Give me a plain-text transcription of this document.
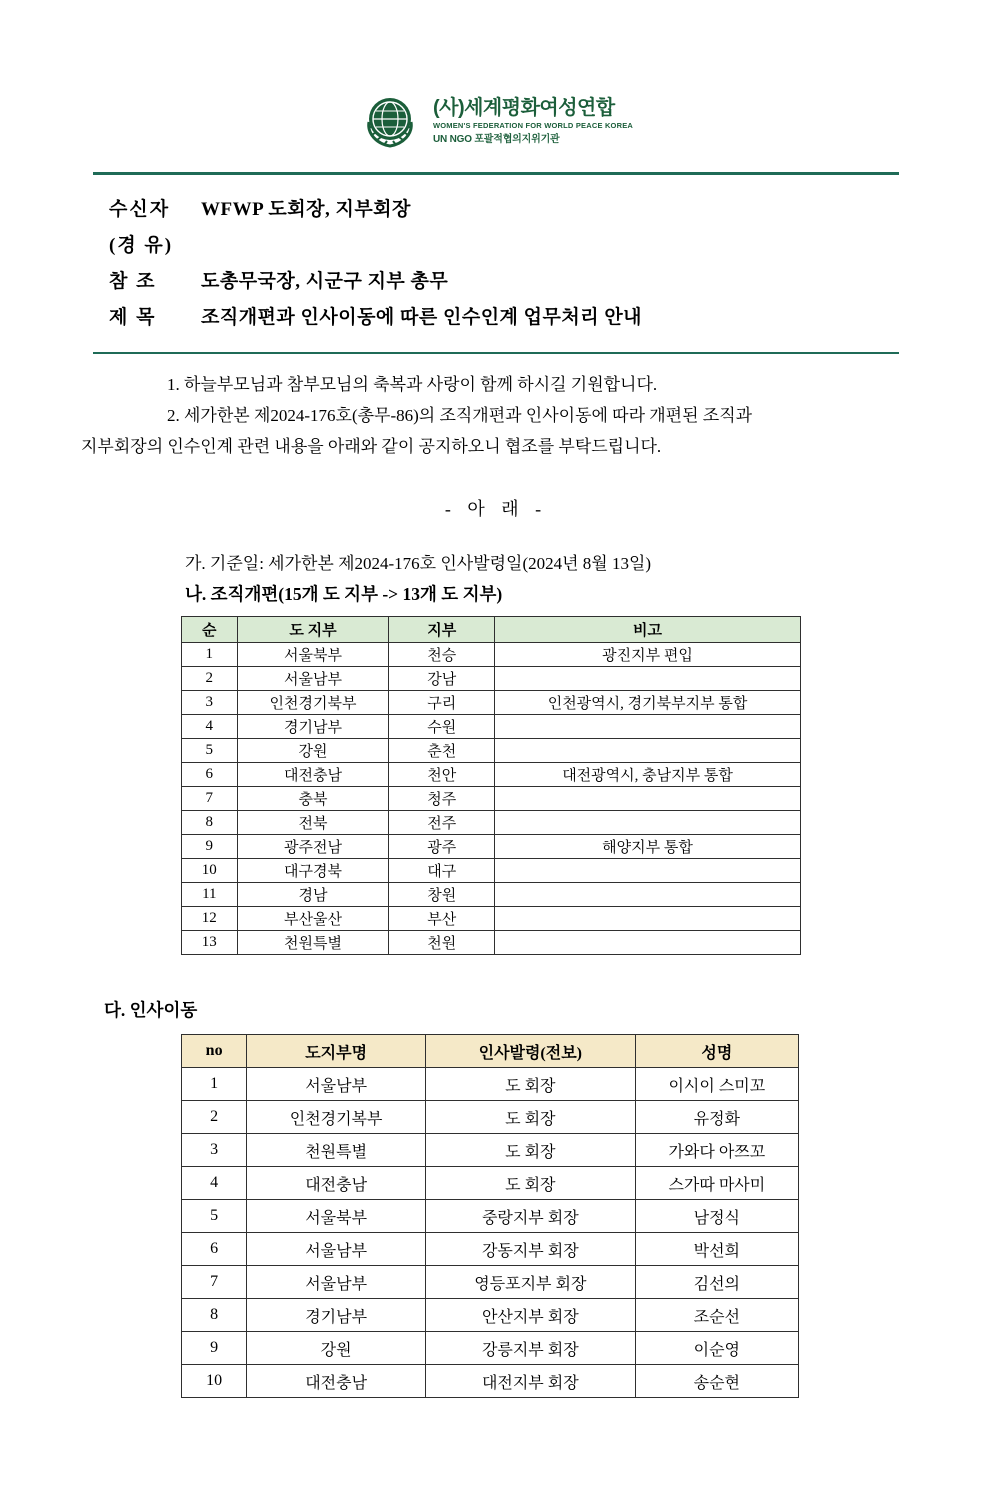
(사)세계평화여성연합
WOMEN'S FEDERATION FOR WORLD PEACE KOREA
UN NGO 포괄적협의지위기관
수신자	WFWP 도회장, 지부회장
(경 유)
참 조	도총무국장, 시군구 지부 총무
제 목	조직개편과 인사이동에 따른 인수인계 업무처리 안내
1. 하늘부모님과 참부모님의 축복과 사랑이 함께 하시길 기원합니다.
2. 세가한본 제2024-176호(총무-86)의 조직개편과 인사이동에 따라 개편된 조직과
지부회장의 인수인계 관련 내용을 아래와 같이 공지하오니 협조를 부탁드립니다.
- 아 래 -
가. 기준일: 세가한본 제2024-176호 인사발령일(2024년 8월 13일)
나. 조직개편(15개 도 지부 -> 13개 도 지부)
순	도 지부	지부	비고
1	서울북부	천승	광진지부 편입
2	서울남부	강남	
3	인천경기북부	구리	인천광역시, 경기북부지부 통합
4	경기남부	수원	
5	강원	춘천	
6	대전충남	천안	대전광역시, 충남지부 통합
7	충북	청주	
8	전북	전주	
9	광주전남	광주	해양지부 통합
10	대구경북	대구	
11	경남	창원	
12	부산울산	부산	
13	천원특별	천원	
다. 인사이동
no	도지부명	인사발령(전보)	성명
1	서울남부	도 회장	이시이 스미꼬
2	인천경기복부	도 회장	유정화
3	천원특별	도 회장	가와다 아쯔꼬
4	대전충남	도 회장	스가따 마사미
5	서울북부	중랑지부 회장	남정식
6	서울남부	강동지부 회장	박선희
7	서울남부	영등포지부 회장	김선의
8	경기남부	안산지부 회장	조순선
9	강원	강릉지부 회장	이순영
10	대전충남	대전지부 회장	송순현
